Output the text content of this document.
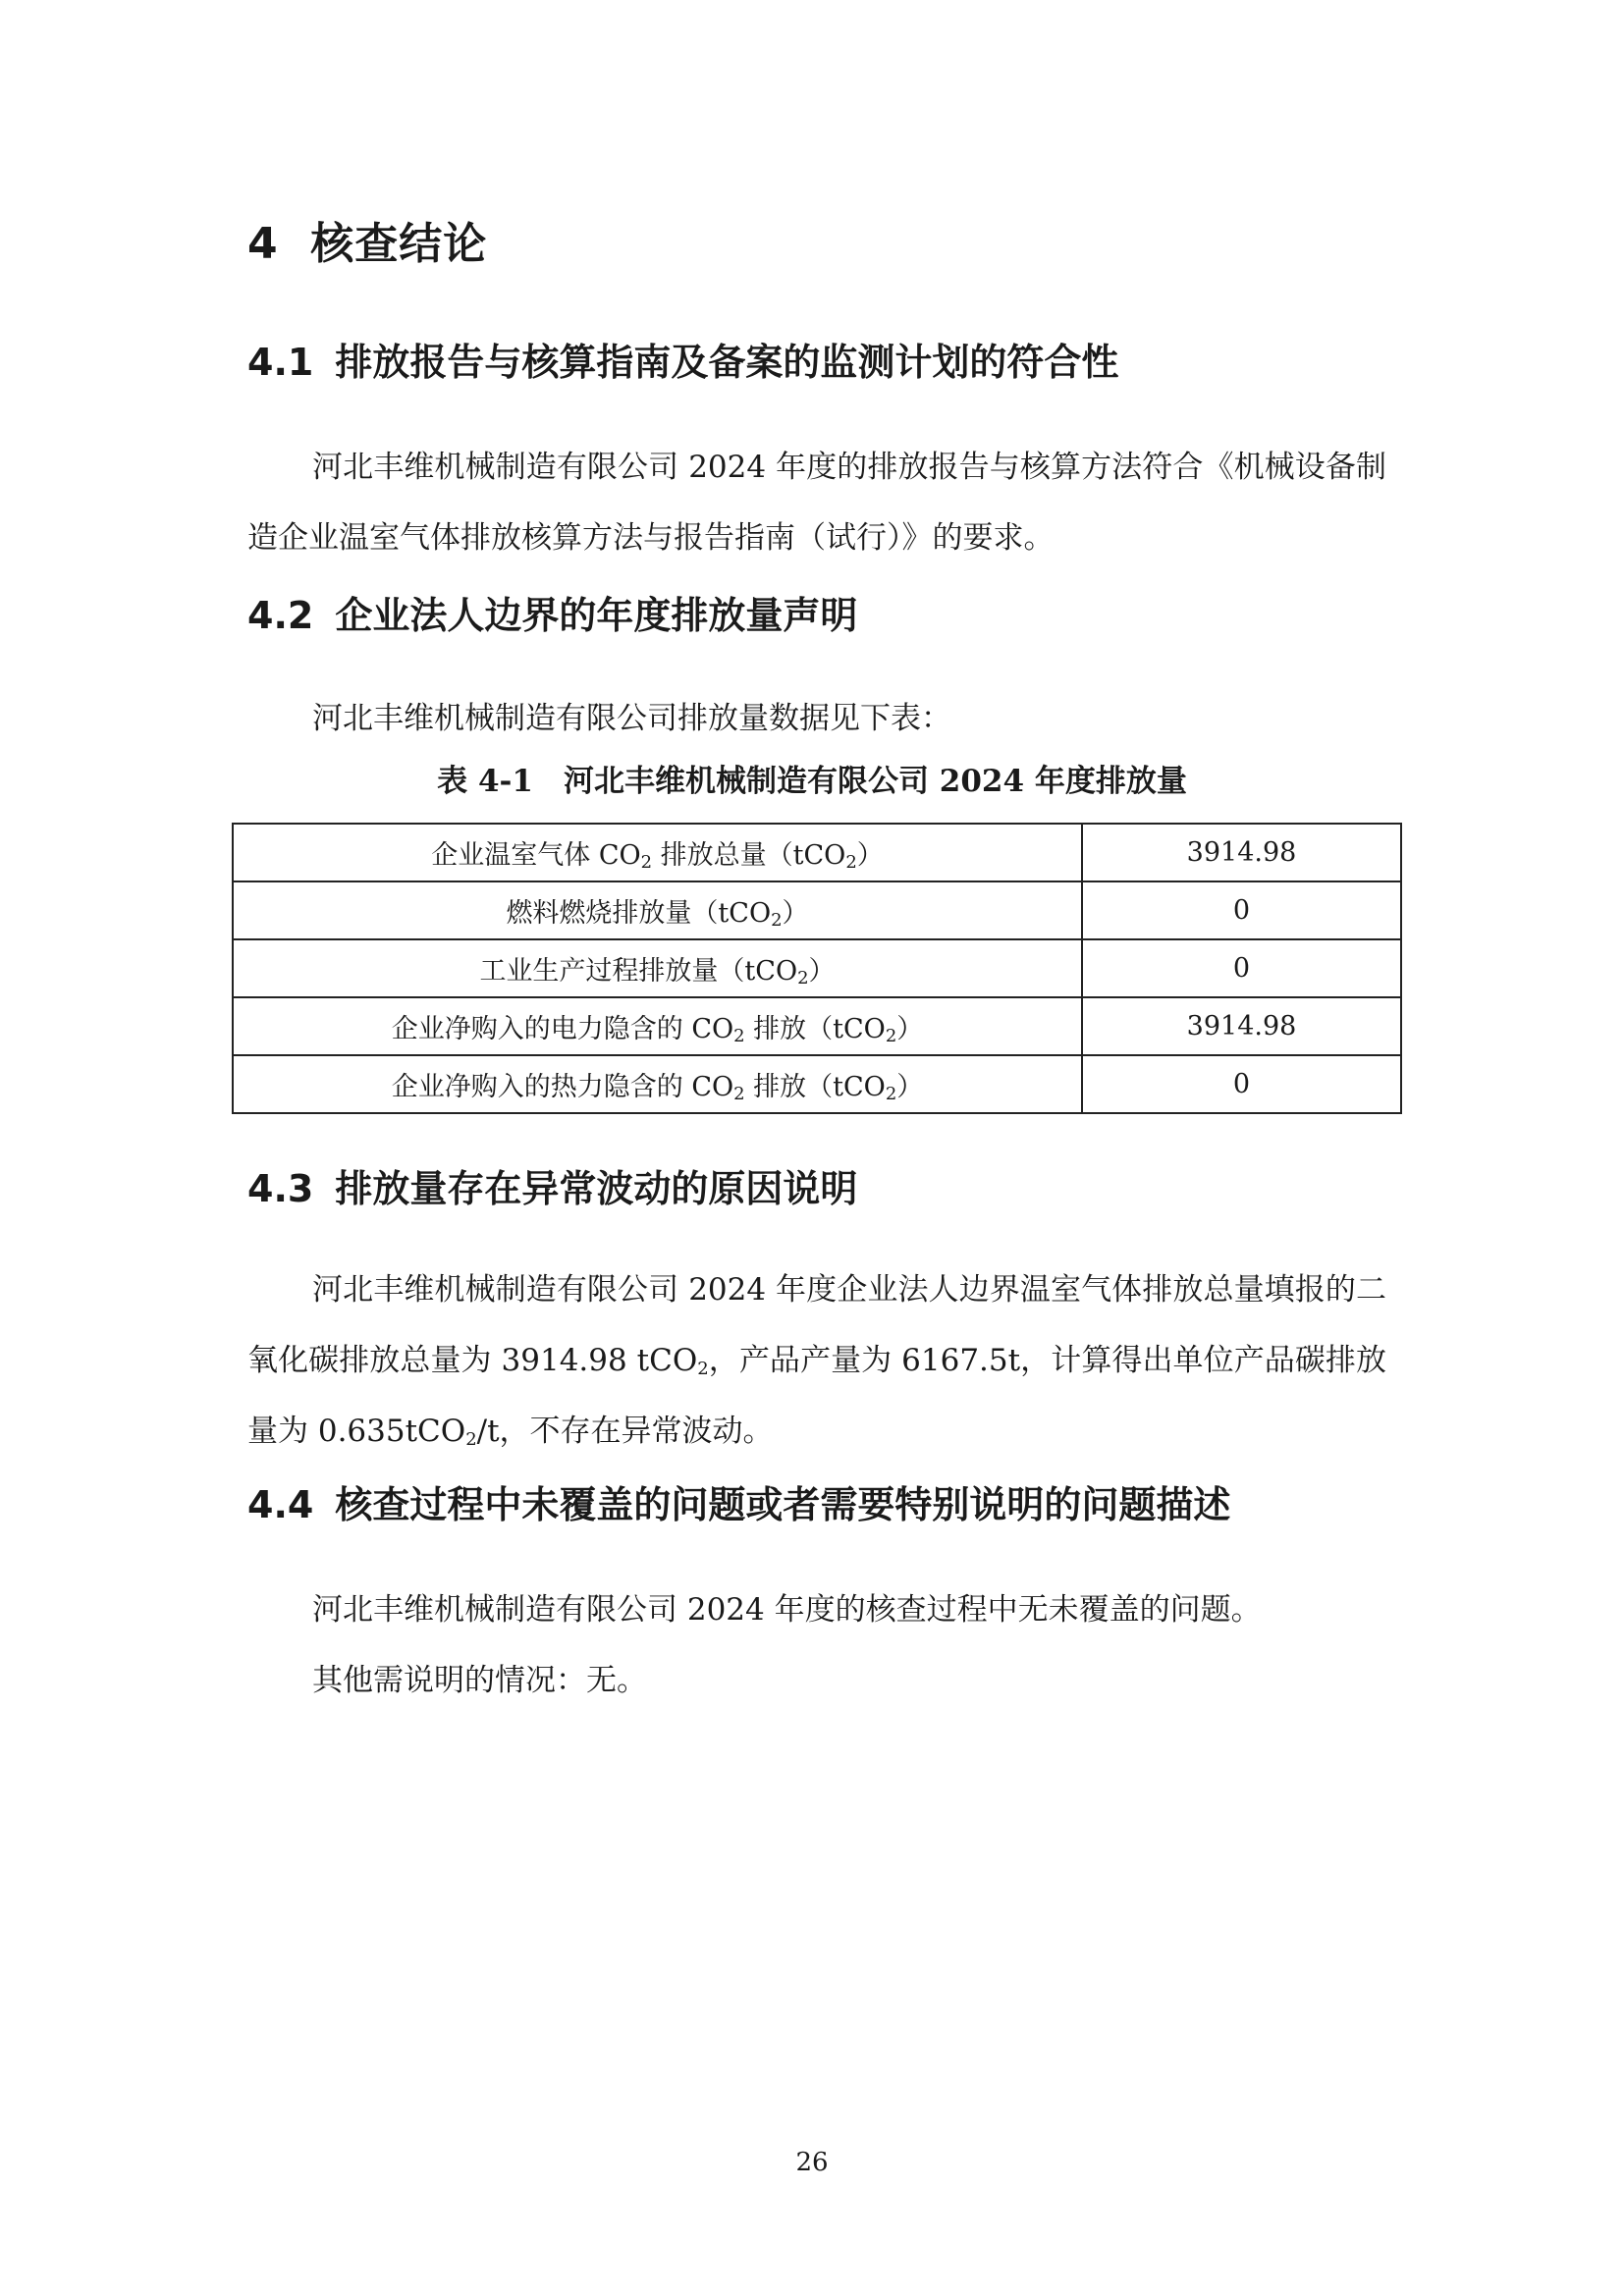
4 核查结论
4.1 排放报告与核算指南及备案的监测计划的符合性
河北丰维机械制造有限公司 2024 年度的排放报告与核算方法符合《机械设备制造企业温室气体排放核算方法与报告指南（试行）》的要求。
4.2 企业法人边界的年度排放量声明
河北丰维机械制造有限公司排放量数据见下表：
表 4-1　河北丰维机械制造有限公司 2024 年度排放量
企业温室气体 $CO_2$ 排放总量（tCO$_2$）	3914.98
燃料燃烧排放量（tCO$_2$）	0
工业生产过程排放量（tCO$_2$）	0
企业净购入的电力隐含的 $CO_2$ 排放（tCO$_2$）	3914.98
企业净购入的热力隐含的 $CO_2$ 排放（tCO$_2$）	0
4.3 排放量存在异常波动的原因说明
河北丰维机械制造有限公司 2024 年度企业法人边界温室气体排放总量填报的二氧化碳排放总量为 3914.98 tCO$_2$，产品产量为 6167.5t，计算得出单位产品碳排放量为 0.635tCO$_2$/t，不存在异常波动。
4.4 核查过程中未覆盖的问题或者需要特别说明的问题描述
河北丰维机械制造有限公司 2024 年度的核查过程中无未覆盖的问题。
其他需说明的情况：无。
26
